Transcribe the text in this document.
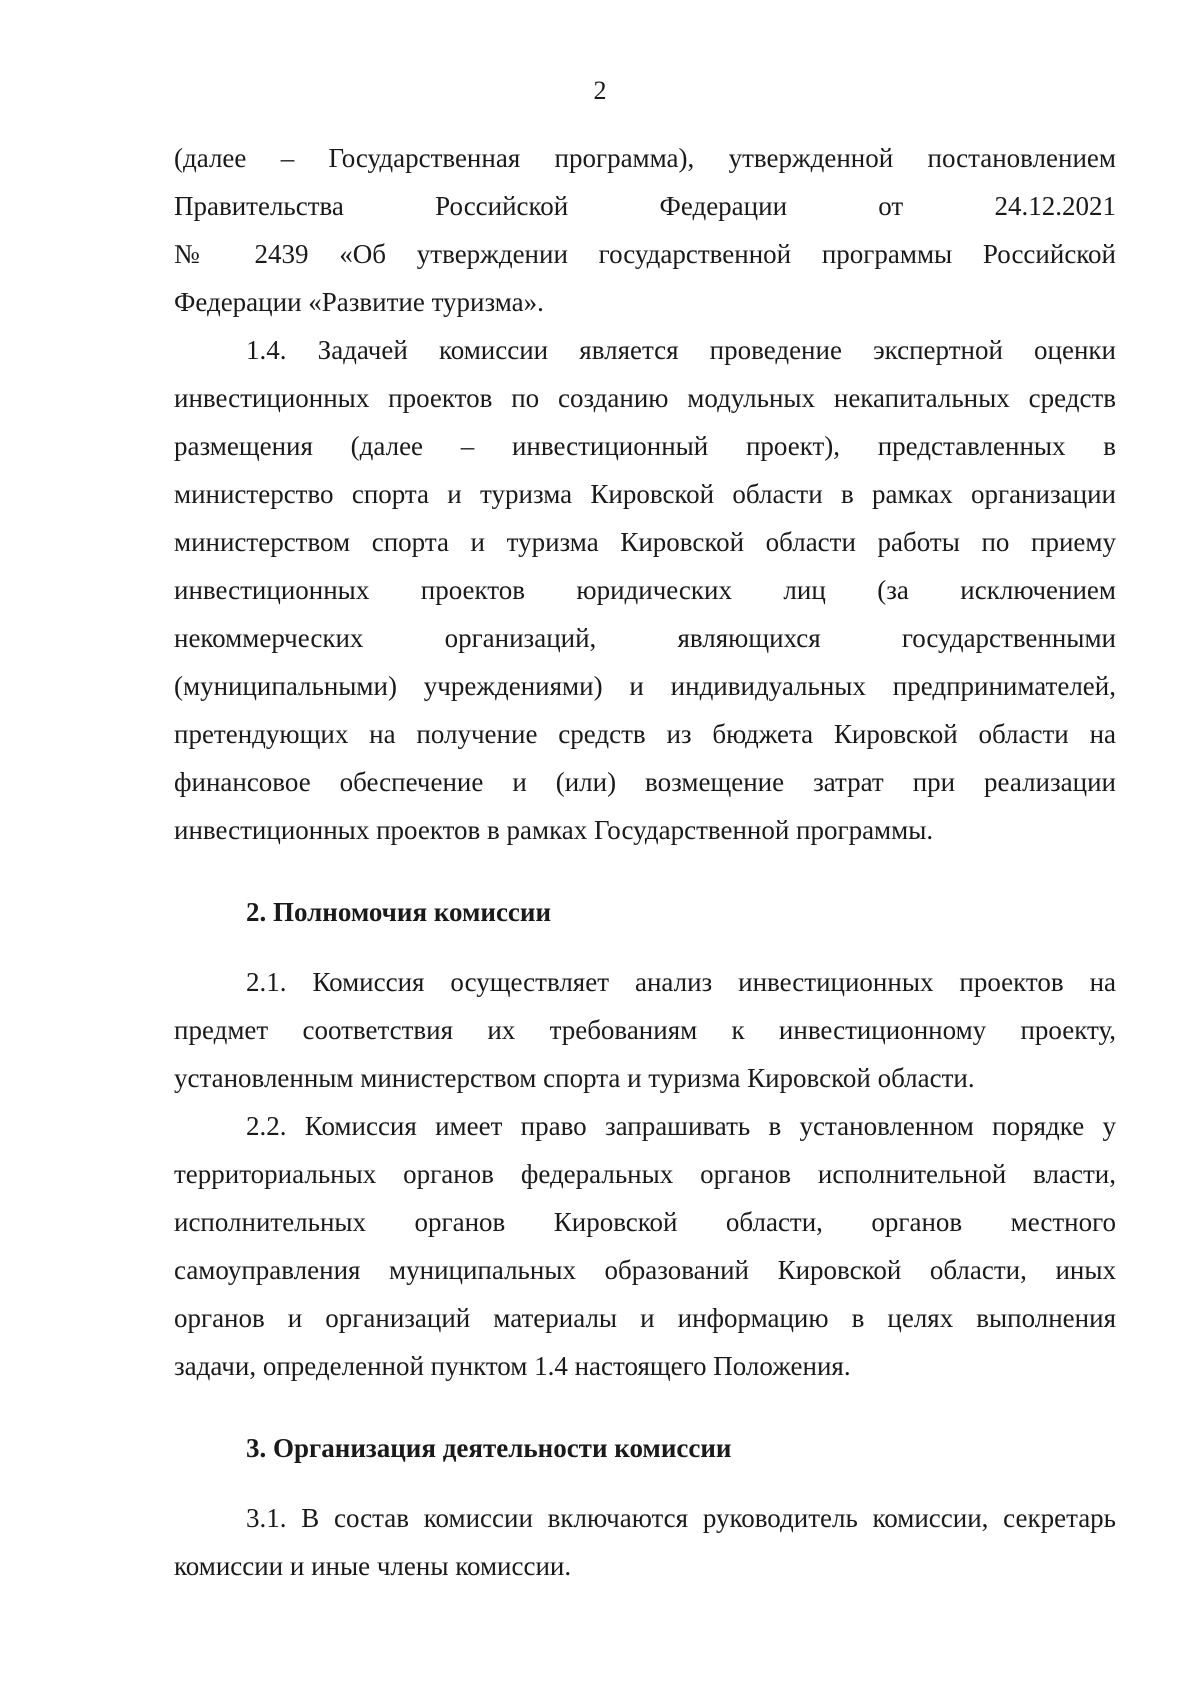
2
(далее – Государственная программа), утвержденной постановлением
Правительства Российской Федерации от 24.12.2021
№ 2439 «Об утверждении государственной программы Российской
Федерации «Развитие туризма».
1.4. Задачей комиссии является проведение экспертной оценки
инвестиционных проектов по созданию модульных некапитальных средств
размещения (далее – инвестиционный проект), представленных в
министерство спорта и туризма Кировской области в рамках организации
министерством спорта и туризма Кировской области работы по приему
инвестиционных проектов юридических лиц (за исключением
некоммерческих организаций, являющихся государственными
(муниципальными) учреждениями) и индивидуальных предпринимателей,
претендующих на получение средств из бюджета Кировской области на
финансовое обеспечение и (или) возмещение затрат при реализации
инвестиционных проектов в рамках Государственной программы.
2. Полномочия комиссии
2.1. Комиссия осуществляет анализ инвестиционных проектов на
предмет соответствия их требованиям к инвестиционному проекту,
установленным министерством спорта и туризма Кировской области.
2.2. Комиссия имеет право запрашивать в установленном порядке у
территориальных органов федеральных органов исполнительной власти,
исполнительных органов Кировской области, органов местного
самоуправления муниципальных образований Кировской области, иных
органов и организаций материалы и информацию в целях выполнения
задачи, определенной пунктом 1.4 настоящего Положения.
3. Организация деятельности комиссии
3.1. В состав комиссии включаются руководитель комиссии, секретарь
комиссии и иные члены комиссии.
